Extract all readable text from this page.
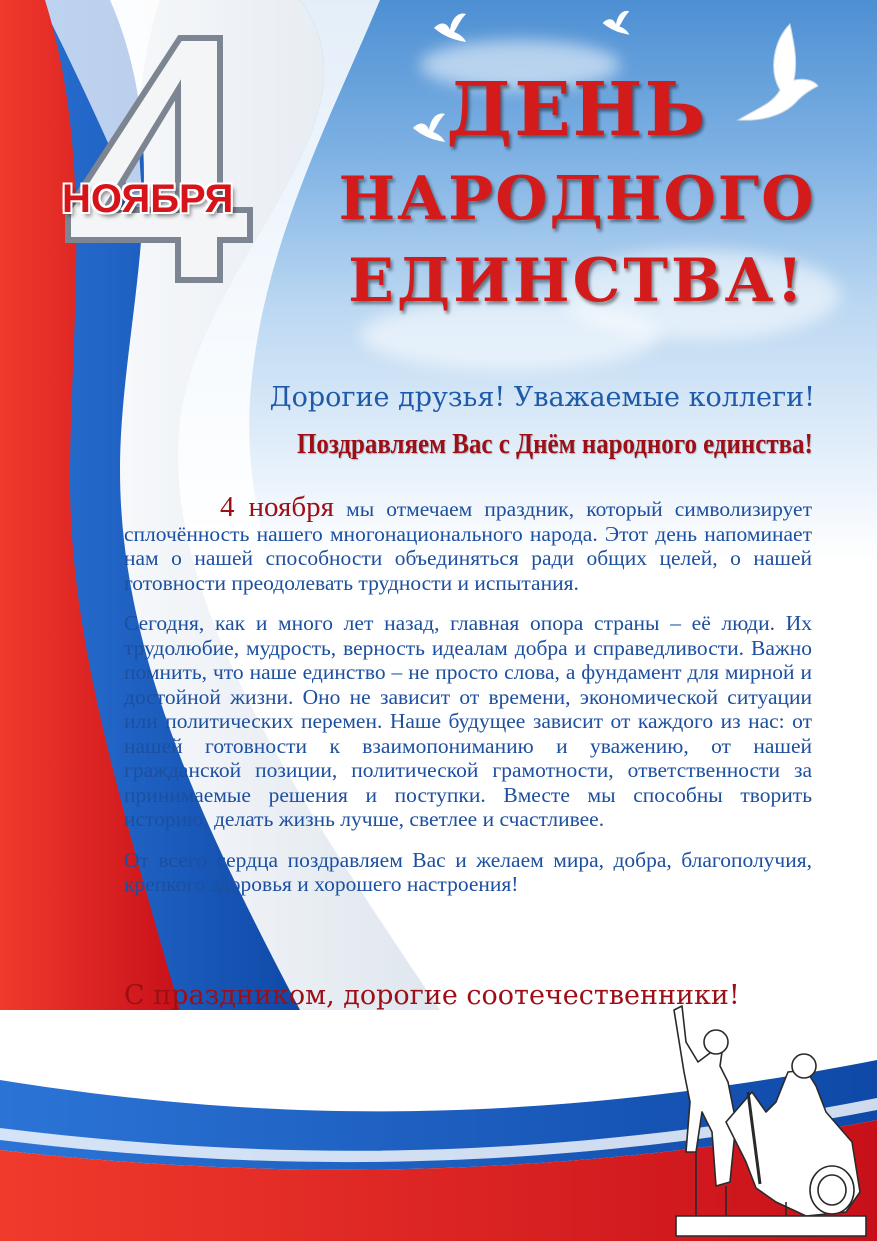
НОЯБРЯ
ДЕНЬ
НАРОДНОГО
ЕДИНСТВА!
Дорогие друзья! Уважаемые коллеги!
Поздравляем Вас с Днём народного единства!

4 ноября мы отмечаем праздник, который символизирует сплочённость нашего многонационального народа. Этот день напоминает нам о нашей способности объединяться ради общих целей, о нашей готовности преодолевать трудности и испытания.

Сегодня, как и много лет назад, главная опора страны – её люди. Их трудолюбие, мудрость, верность идеалам добра и справедливости. Важно помнить, что наше единство – не просто слова, а фундамент для мирной и достойной жизни. Оно не зависит от времени, экономической ситуации или политических перемен. Наше будущее зависит от каждого из нас: от нашей готовности к взаимопониманию и уважению, от нашей гражданской позиции, политической грамотности, ответственности за принимаемые решения и поступки. Вместе мы способны творить историю, делать жизнь лучше, светлее и счастливее.

От всего сердца поздравляем Вас и желаем мира, добра, благополучия, крепкого здоровья и хорошего настроения!

С праздником, дорогие соотечественники!
